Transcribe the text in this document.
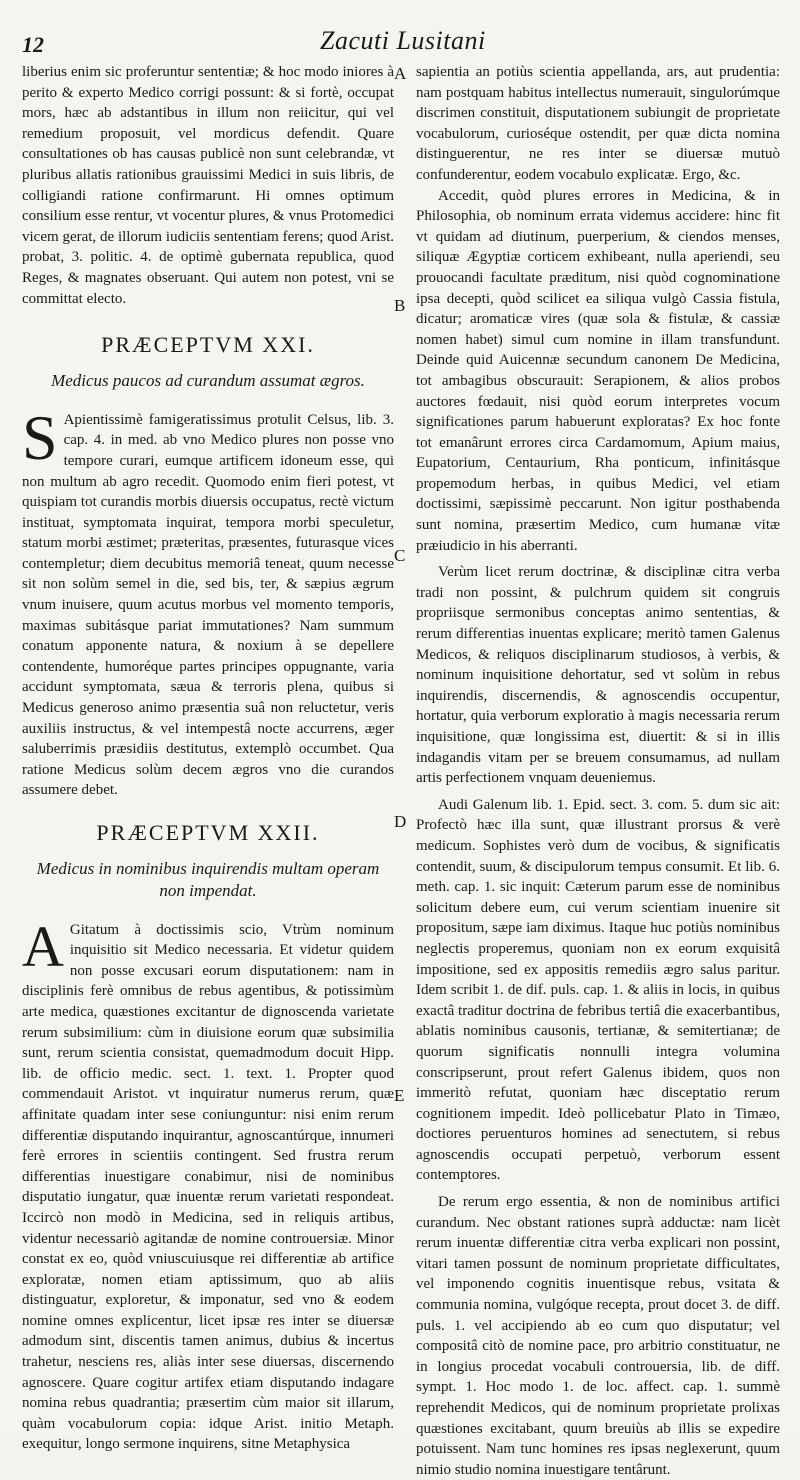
12	Zacuti Lusitani
A
B
C
D
E

liberius enim sic proferuntur sententiæ; & hoc modo iniores à perito & experto Medico corrigi possunt: & si fortè, occupat mors, hæc ab adstantibus in illum non reiicitur, qui vel remedium proposuit, vel mordicus defendit. Quare consultationes ob has causas publicè non sunt celebrandæ, vt pluribus allatis rationibus grauissimi Medici in suis libris, de colligiandi ratione confirmarunt. Hi omnes optimum consilium esse rentur, vt vocentur plures, & vnus Protomedici vicem gerat, de illorum iudiciis sententiam ferens; quod Arist. probat, 3. politic. 4. de optimè gubernata republica, quod Reges, & magnates obseruant. Qui autem non potest, vni se committat electo.

PRÆCEPTVM XXI.
Medicus paucos ad curandum assumat ægros.

S Apientissimè famigeratissimus protulit Celsus, lib. 3. cap. 4. in med. ab vno Medico plures non posse vno tempore curari, eumque artificem idoneum esse, qui non multum ab agro recedit. Quomodo enim fieri potest, vt quispiam tot curandis morbis diuersis occupatus, rectè victum instituat, symptomata inquirat, tempora morbi speculetur, statum morbi æstimet; præteritas, præsentes, futurasque vices contempletur; diem decubitus memoriâ teneat, quum necesse sit non solùm semel in die, sed bis, ter, & sæpius ægrum vnum inuisere, quum acutus morbus vel momento temporis, maximas subitásque pariat immutationes? Nam summum conatum apponente natura, & noxium à se depellere contendente, humoréque partes principes oppugnante, varia accidunt symptomata, sæua & terroris plena, quibus si Medicus generoso animo præsentia suâ non reluctetur, veris auxiliis instructus, & vel intempestâ nocte accurrens, æger saluberrimis præsidiis destitutus, extemplò occumbet. Qua ratione Medicus solùm decem ægros vno die curandos assumere debet.

PRÆCEPTVM XXII.
Medicus in nominibus inquirendis multam operam non impendat.

A Gitatum à doctissimis scio, Vtrùm nominum inquisitio sit Medico necessaria. Et videtur quidem non posse excusari eorum disputationem: nam in disciplinis ferè omnibus de rebus agentibus, & potissimùm arte medica, quæstiones excitantur de dignoscenda varietate rerum subsimilium: cùm in diuisione eorum quæ subsimilia sunt, rerum scientia consistat, quemadmodum docuit Hipp. lib. de officio medic. sect. 1. text. 1. Propter quod commendauit Aristot. vt inquiratur numerus rerum, quæ affinitate quadam inter sese coniunguntur: nisi enim rerum differentiæ disputando inquirantur, agnoscantúrque, innumeri ferè errores in scientiis contingent. Sed frustra rerum differentias inuestigare conabimur, nisi de nominibus disputatio iungatur, quæ inuentæ rerum varietati respondeat. Iccircò non modò in Medicina, sed in reliquis artibus, videntur necessariò agitandæ de nomine controuersiæ. Minor constat ex eo, quòd vniuscuiusque rei differentiæ ab artifice exploratæ, nomen etiam aptissimum, quo ab aliis distinguatur, exploretur, & imponatur, sed vno & eodem nomine omnes explicentur, licet ipsæ res inter se diuersæ admodum sint, discentis tamen animus, dubius & incertus trahetur, nesciens res, aliàs inter sese diuersas, discernendo agnoscere. Quare cogitur artifex etiam disputando indagare nomina rebus quadrantia; præsertim cùm maior sit illarum, quàm vocabulorum copia: idque Arist. initio Metaph. exequitur, longo sermone inquirens, sitne Metaphysica

sapientia an potiùs scientia appellanda, ars, aut prudentia: nam postquam habitus intellectus numerauit, singulorúmque discrimen constituit, disputationem subiungit de proprietate vocabulorum, curioséque ostendit, per quæ dicta nomina distinguerentur, ne res inter se diuersæ mutuò confunderentur, eodem vocabulo explicatæ. Ergo, &c.

Accedit, quòd plures errores in Medicina, & in Philosophia, ob nominum errata videmus accidere: hinc fit vt quidam ad diutinum, puerperium, & ciendos menses, siliquæ Ægyptiæ corticem exhibeant, nulla aperiendi, seu prouocandi facultate præditum, nisi quòd cognominatione ipsa decepti, quòd scilicet ea siliqua vulgò Cassia fistula, dicatur; aromaticæ vires (quæ sola & fistulæ, & cassiæ nomen habet) simul cum nomine in illam transfundunt. Deinde quid Auicennæ secundum canonem De Medicina, tot ambagibus obscurauit: Serapionem, & alios probos auctores fœdauit, nisi quòd eorum interpretes vocum significationes parum habuerunt exploratas? Ex hoc fonte tot emanârunt errores circa Cardamomum, Apium maius, Eupatorium, Centaurium, Rha ponticum, infinitásque propemodum herbas, in quibus Medici, vel etiam doctissimi, sæpissimè peccarunt. Non igitur posthabenda sunt nomina, præsertim Medico, cum humanæ vitæ præiudicio in his aberranti.

Verùm licet rerum doctrinæ, & disciplinæ citra verba tradi non possint, & pulchrum quidem sit congruis propriisque sermonibus conceptas animo sententias, & rerum differentias inuentas explicare; meritò tamen Galenus Medicos, & reliquos disciplinarum studiosos, à verbis, & nominum inquisitione dehortatur, sed vt solùm in rebus inquirendis, discernendis, & agnoscendis occupentur, hortatur, quia verborum exploratio à magis necessaria rerum inquisitione, quæ longissima est, diuertit: & si in illis indagandis vitam per se breuem consumamus, ad nullam artis perfectionem vnquam deueniemus.

Audi Galenum lib. 1. Epid. sect. 3. com. 5. dum sic ait: Profectò hæc illa sunt, quæ illustrant prorsus & verè medicum. Sophistes verò dum de vocibus, & significatis contendit, suum, & discipulorum tempus consumit. Et lib. 6. meth. cap. 1. sic inquit: Cæterum parum esse de nominibus solicitum debere eum, cui verum scientiam inuenire sit propositum, sæpe iam diximus. Itaque huc potiùs nominibus neglectis properemus, quoniam non ex eorum exquisitâ impositione, sed ex appositis remediis ægro salus paritur. Idem scribit 1. de dif. puls. cap. 1. & aliis in locis, in quibus exactâ traditur doctrina de febribus tertiâ die exacerbantibus, ablatis nominibus causonis, tertianæ, & semitertianæ; de quorum significatis nonnulli integra volumina conscripserunt, prout refert Galenus ibidem, quos non immeritò refutat, quoniam hæc disceptatio rerum cognitionem impedit. Ideò pollicebatur Plato in Timæo, doctiores peruenturos homines ad senectutem, si rebus agnoscendis occupati perpetuò, verborum essent contemptores.

De rerum ergo essentia, & non de nominibus artifici curandum. Nec obstant rationes suprà adductæ: nam licèt rerum inuentæ differentiæ citra verba explicari non possint, vitari tamen possunt de nominum proprietate difficultates, vel imponendo cognitis inuentisque rebus, vsitata & communia nomina, vulgóque recepta, prout docet 3. de diff. puls. 1. vel accipiendo ab eo cum quo disputatur; vel compositâ citò de nomine pace, pro arbitrio constituatur, ne in longius procedat vocabuli controuersia, lib. de diff. sympt. 1. Hoc modo 1. de loc. affect. cap. 1. summè reprehendit Medicos, qui de nominum proprietate prolixas quæstiones excitabant, quum breuiùs ab illis se expedire potuissent. Nam tunc homines res ipsas neglexerunt, quum nimio studio nomina inuestigare tentârunt.
